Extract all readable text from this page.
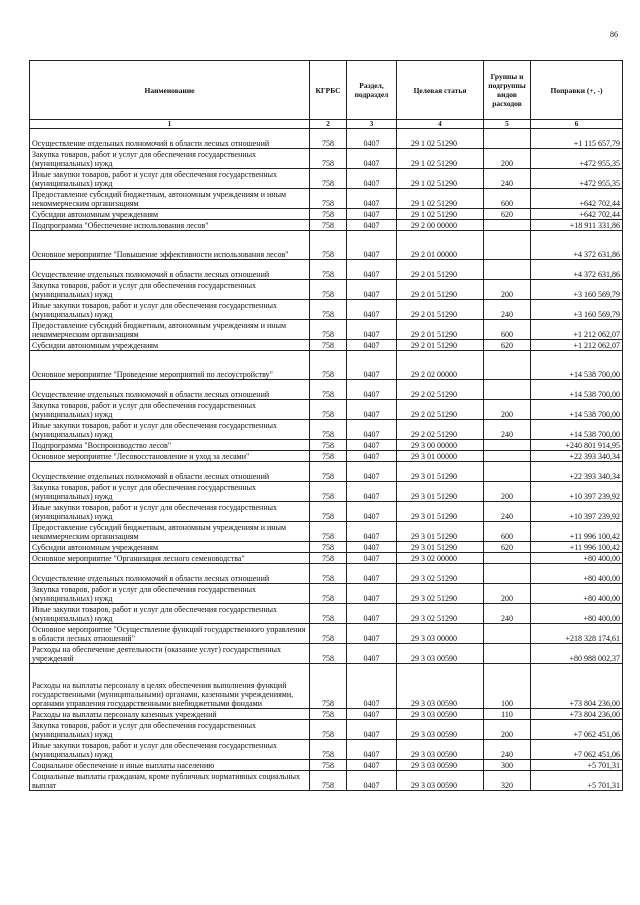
86
Наименование	КГРБС	Раздел, подраздел	Целевая статья	Группы и подгруппы видов расходов	Поправки (+, -)
1	2	3	4	5	6
Осуществление отдельных полномочий в области лесных отношений	758	0407	29 1 02 51290		+1 115 657,79
Закупка товаров, работ и услуг для обеспечения государственных (муниципальных) нужд	758	0407	29 1 02 51290	200	+472 955,35
Иные закупки товаров, работ и услуг для обеспечения государственных (муниципальных) нужд	758	0407	29 1 02 51290	240	+472 955,35
Предоставление субсидий бюджетным, автономным учреждениям и иным некоммерческим организациям	758	0407	29 1 02 51290	600	+642 702,44
Субсидии автономным учреждениям	758	0407	29 1 02 51290	620	+642 702,44
Подпрограмма "Обеспечение использования лесов"	758	0407	29 2 00 00000		+18 911 331,86
Основное мероприятие "Повышение эффективности использования лесов"	758	0407	29 2 01 00000		+4 372 631,86
Осуществление отдельных полномочий в области лесных отношений	758	0407	29 2 01 51290		+4 372 631,86
Закупка товаров, работ и услуг для обеспечения государственных (муниципальных) нужд	758	0407	29 2 01 51290	200	+3 160 569,79
Иные закупки товаров, работ и услуг для обеспечения государственных (муниципальных) нужд	758	0407	29 2 01 51290	240	+3 160 569,79
Предоставление субсидий бюджетным, автономным учреждениям и иным некоммерческим организациям	758	0407	29 2 01 51290	600	+1 212 062,07
Субсидии автономным учреждениям	758	0407	29 2 01 51290	620	+1 212 062,07
Основное мероприятие "Проведение мероприятий по лесоустройству"	758	0407	29 2 02 00000		+14 538 700,00
Осуществление отдельных полномочий в области лесных отношений	758	0407	29 2 02 51290		+14 538 700,00
Закупка товаров, работ и услуг для обеспечения государственных (муниципальных) нужд	758	0407	29 2 02 51290	200	+14 538 700,00
Иные закупки товаров, работ и услуг для обеспечения государственных (муниципальных) нужд	758	0407	29 2 02 51290	240	+14 538 700,00
Подпрограмма "Воспроизводство лесов"	758	0407	29 3 00 00000		+240 801 914,95
Основное мероприятие "Лесовосстановление и уход за лесами"	758	0407	29 3 01 00000		+22 393 340,34
Осуществление отдельных полномочий в области лесных отношений	758	0407	29 3 01 51290		+22 393 340,34
Закупка товаров, работ и услуг для обеспечения государственных (муниципальных) нужд	758	0407	29 3 01 51290	200	+10 397 239,92
Иные закупки товаров, работ и услуг для обеспечения государственных (муниципальных) нужд	758	0407	29 3 01 51290	240	+10 397 239,92
Предоставление субсидий бюджетным, автономным учреждениям и иным некоммерческим организациям	758	0407	29 3 01 51290	600	+11 996 100,42
Субсидии автономным учреждениям	758	0407	29 3 01 51290	620	+11 996 100,42
Основное мероприятие "Организация лесного семеноводства"	758	0407	29 3 02 00000		+80 400,00
Осуществление отдельных полномочий в области лесных отношений	758	0407	29 3 02 51290		+80 400,00
Закупка товаров, работ и услуг для обеспечения государственных (муниципальных) нужд	758	0407	29 3 02 51290	200	+80 400,00
Иные закупки товаров, работ и услуг для обеспечения государственных (муниципальных) нужд	758	0407	29 3 02 51290	240	+80 400,00
Основное мероприятие "Осуществление функций государственного управления в области лесных отношений"	758	0407	29 3 03 00000		+218 328 174,61
Расходы на обеспечение деятельности (оказание услуг) государственных учреждений	758	0407	29 3 03 00590		+80 988 002,37
Расходы на выплаты персоналу в целях обеспечения выполнения функций государственными (муниципальными) органами, казенными учреждениями, органами управления государственными внебюджетными фондами	758	0407	29 3 03 00590	100	+73 804 236,00
Расходы на выплаты персоналу казенных учреждений	758	0407	29 3 03 00590	110	+73 804 236,00
Закупка товаров, работ и услуг для обеспечения государственных (муниципальных) нужд	758	0407	29 3 03 00590	200	+7 062 451,06
Иные закупки товаров, работ и услуг для обеспечения государственных (муниципальных) нужд	758	0407	29 3 03 00590	240	+7 062 451,06
Социальное обеспечение и иные выплаты населению	758	0407	29 3 03 00590	300	+5 701,31
Социальные выплаты гражданам, кроме публичных нормативных социальных выплат	758	0407	29 3 03 00590	320	+5 701,31
